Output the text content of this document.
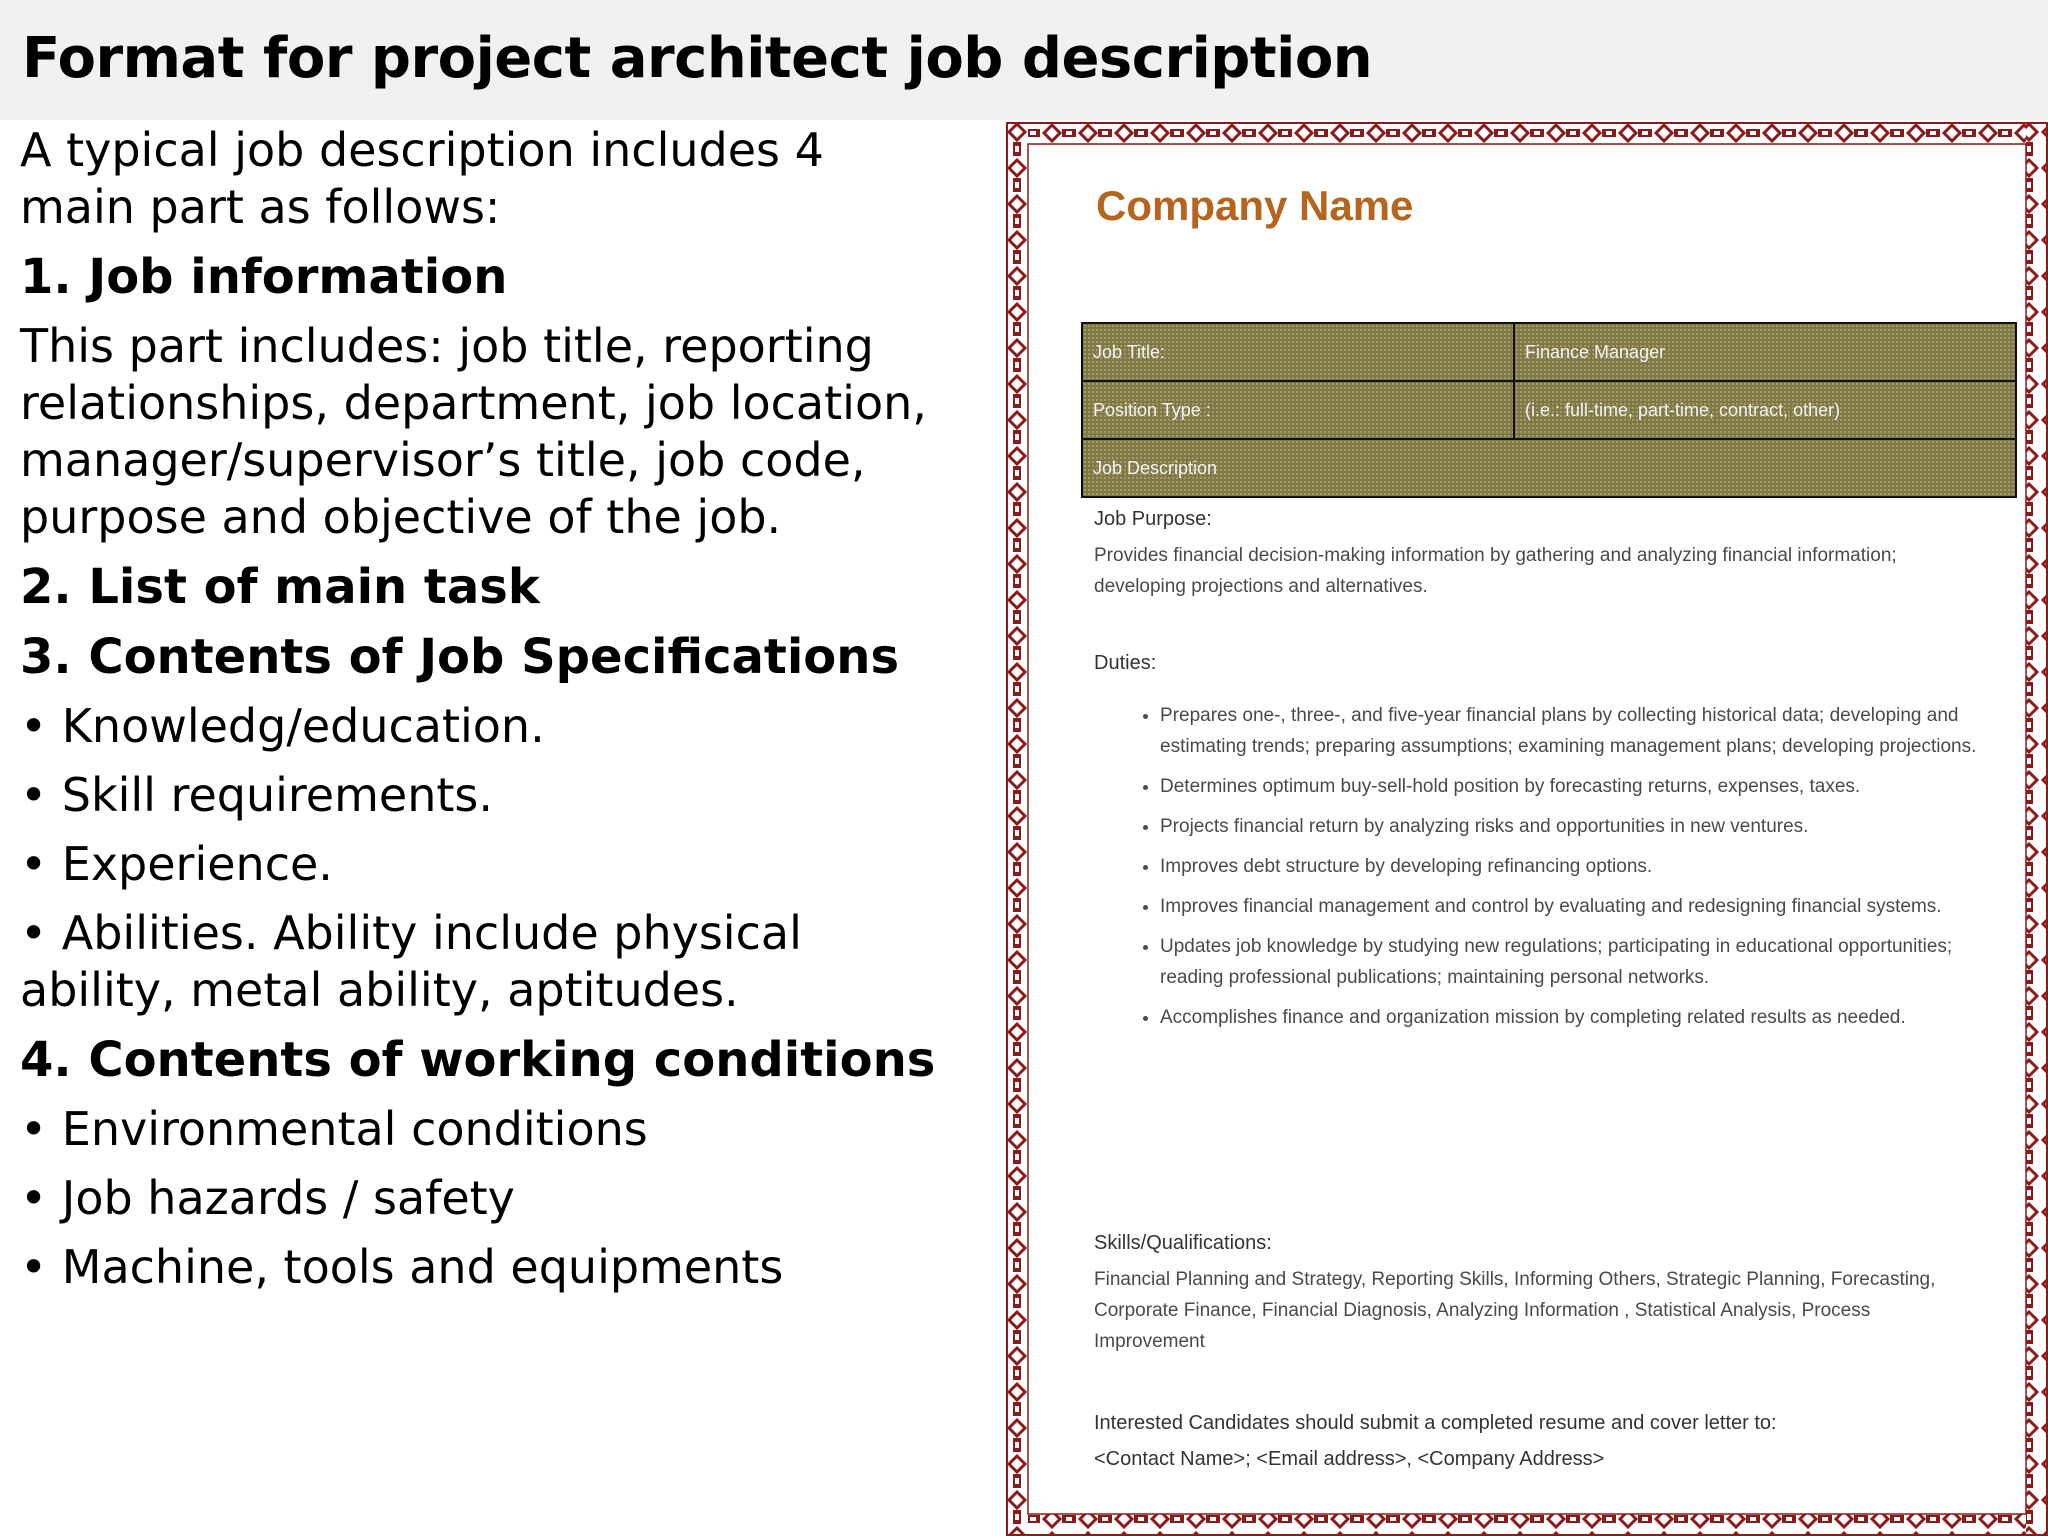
Format for project architect job description

A typical job description includes 4 main part as follows:

1. Job information

This part includes: job title, reporting relationships, department, job location, manager/supervisor’s title, job code, purpose and objective of the job.

2. List of main task

3. Contents of Job Specifications

• Knowledg/education.

• Skill requirements.

• Experience.

• Abilities. Ability include physical ability, metal ability, aptitudes.

4. Contents of working conditions

• Environmental conditions

• Job hazards / safety

• Machine, tools and equipments

Company Name
Job Title:	Finance Manager
Position Type :	(i.e.: full-time, part-time, contract, other)
Job Description	
Job Purpose:
Provides financial decision-making information by gathering and analyzing financial information; developing projections and alternatives.
Duties:
• Prepares one-, three-, and five-year financial plans by collecting historical data; developing and estimating trends; preparing assumptions; examining management plans; developing projections.
• Determines optimum buy-sell-hold position by forecasting returns, expenses, taxes.
• Projects financial return by analyzing risks and opportunities in new ventures.
• Improves debt structure by developing refinancing options.
• Improves financial management and control by evaluating and redesigning financial systems.
• Updates job knowledge by studying new regulations; participating in educational opportunities; reading professional publications; maintaining personal networks.
• Accomplishes finance and organization mission by completing related results as needed.
Skills/Qualifications:
Financial Planning and Strategy, Reporting Skills, Informing Others, Strategic Planning, Forecasting, Corporate Finance, Financial Diagnosis, Analyzing Information , Statistical Analysis, Process Improvement
Interested Candidates should submit a completed resume and cover letter to:
<Contact Name>; <Email address>, <Company Address>
